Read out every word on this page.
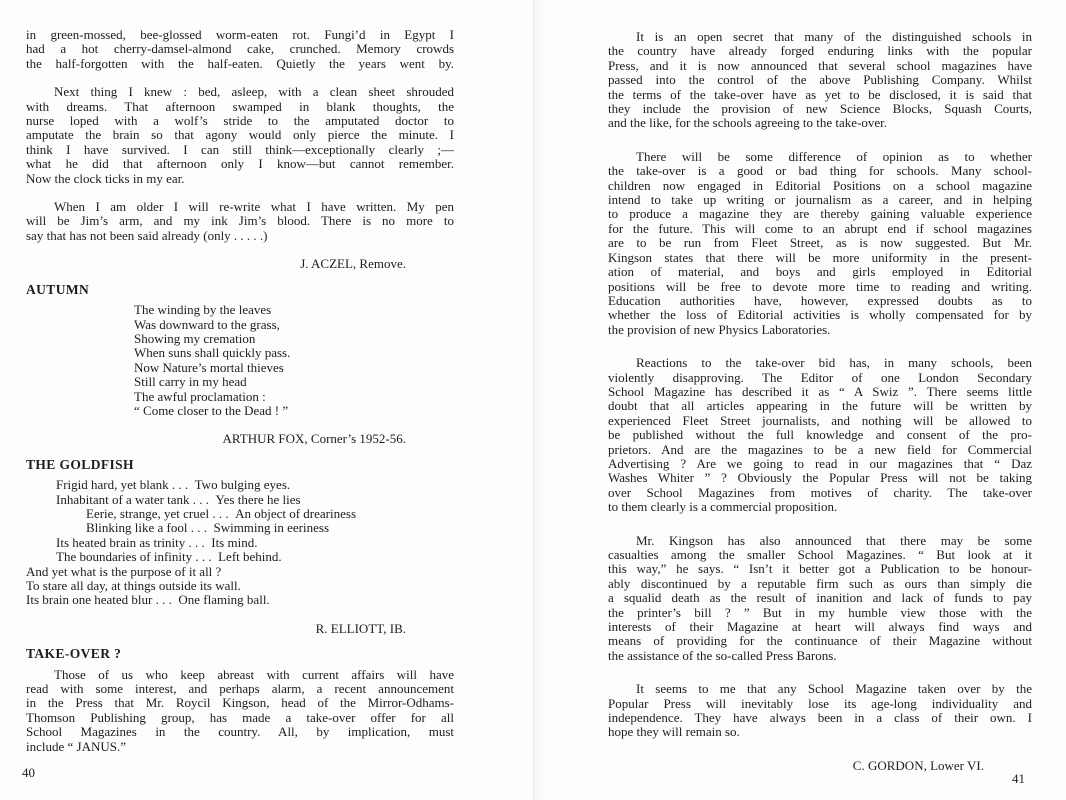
in green-mossed, bee-glossed worm-eaten rot. Fungi’d in Egypt I
had a hot cherry-damsel-almond cake, crunched. Memory crowds
the half-forgotten with the half-eaten. Quietly the years went by.
Next thing I knew : bed, asleep, with a clean sheet shrouded
with dreams. That afternoon swamped in blank thoughts, the
nurse loped with a wolf’s stride to the amputated doctor to
amputate the brain so that agony would only pierce the minute. I
think I have survived. I can still think—exceptionally clearly ;—
what he did that afternoon only I know—but cannot remember.
Now the clock ticks in my ear.
When I am older I will re-write what I have written. My pen
will be Jim’s arm, and my ink Jim’s blood. There is no more to
say that has not been said already (only . . . . .)
J. ACZEL, Remove.
AUTUMN
The winding by the leaves
Was downward to the grass,
Showing my cremation
When suns shall quickly pass.
Now Nature’s mortal thieves
Still carry in my head
The awful proclamation :
“ Come closer to the Dead ! ”
ARTHUR FOX, Corner’s 1952-56.
THE GOLDFISH
Frigid hard, yet blank . . .  Two bulging eyes.
Inhabitant of a water tank . . .  Yes there he lies
Eerie, strange, yet cruel . . .  An object of dreariness
Blinking like a fool . . .  Swimming in eeriness
Its heated brain as trinity . . .  Its mind.
The boundaries of infinity . . .  Left behind.
And yet what is the purpose of it all ?
To stare all day, at things outside its wall.
Its brain one heated blur . . .  One flaming ball.
R. ELLIOTT, IB.
TAKE-OVER ?
Those of us who keep abreast with current affairs will have
read with some interest, and perhaps alarm, a recent announcement
in the Press that Mr. Roycil Kingson, head of the Mirror-Odhams-
Thomson Publishing group, has made a take-over offer for all
School Magazines in the country. All, by implication, must
include “ JANUS.”
It is an open secret that many of the distinguished schools in
the country have already forged enduring links with the popular
Press, and it is now announced that several school magazines have
passed into the control of the above Publishing Company. Whilst
the terms of the take-over have as yet to be disclosed, it is said that
they include the provision of new Science Blocks, Squash Courts,
and the like, for the schools agreeing to the take-over.
There will be some difference of opinion as to whether
the take-over is a good or bad thing for schools. Many school-
children now engaged in Editorial Positions on a school magazine
intend to take up writing or journalism as a career, and in helping
to produce a magazine they are thereby gaining valuable experience
for the future. This will come to an abrupt end if school magazines
are to be run from Fleet Street, as is now suggested. But Mr.
Kingson states that there will be more uniformity in the present-
ation of material, and boys and girls employed in Editorial
positions will be free to devote more time to reading and writing.
Education authorities have, however, expressed doubts as to
whether the loss of Editorial activities is wholly compensated for by
the provision of new Physics Laboratories.
Reactions to the take-over bid has, in many schools, been
violently disapproving. The Editor of one London Secondary
School Magazine has described it as “ A Swiz ”. There seems little
doubt that all articles appearing in the future will be written by
experienced Fleet Street journalists, and nothing will be allowed to
be published without the full knowledge and consent of the pro-
prietors. And are the magazines to be a new field for Commercial
Advertising ? Are we going to read in our magazines that “ Daz
Washes Whiter ” ? Obviously the Popular Press will not be taking
over School Magazines from motives of charity. The take-over
to them clearly is a commercial proposition.
Mr. Kingson has also announced that there may be some
casualties among the smaller School Magazines. “ But look at it
this way,” he says. “ Isn’t it better got a Publication to be honour-
ably discontinued by a reputable firm such as ours than simply die
a squalid death as the result of inanition and lack of funds to pay
the printer’s bill ? ” But in my humble view those with the
interests of their Magazine at heart will always find ways and
means of providing for the continuance of their Magazine without
the assistance of the so-called Press Barons.
It seems to me that any School Magazine taken over by the
Popular Press will inevitably lose its age-long individuality and
independence. They have always been in a class of their own. I
hope they will remain so.
C. GORDON, Lower VI.
40	41
